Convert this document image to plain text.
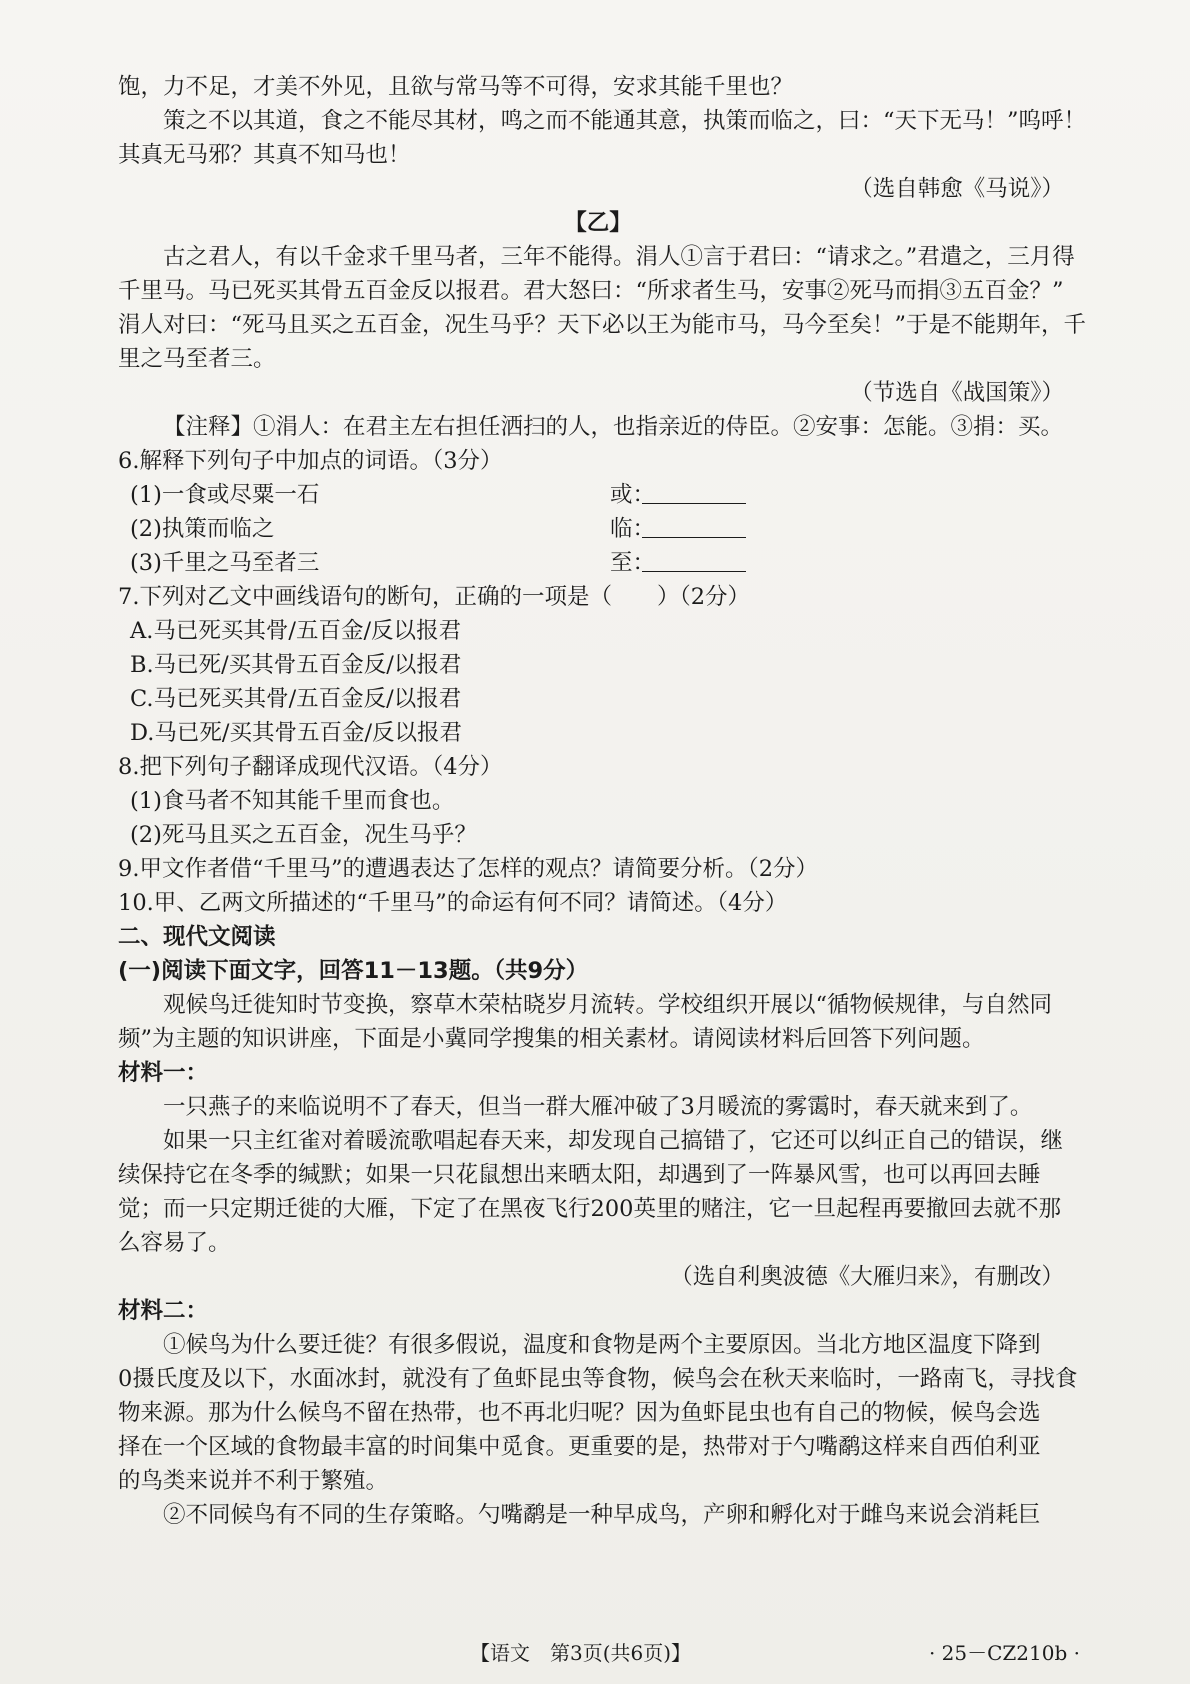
饱，力不足，才美不外见，且欲与常马等不可得，安求其能千里也？
策之不以其道，食之不能尽其材，鸣之而不能通其意，执策而临之，曰：“天下无马！”呜呼！
其真无马邪？其真不知马也！
（选自韩愈《马说》）
【乙】
古之君人，有以千金求千里马者，三年不能得。涓人①言于君曰：“请求之。”君遣之，三月得
千里马。马已死买其骨五百金反以报君。君大怒曰：“所求者生马，安事②死马而捐③五百金？”
涓人对曰：“死马且买之五百金，况生马乎？天下必以王为能市马，马今至矣！”于是不能期年，千
里之马至者三。
（节选自《战国策》）
【注释】①涓人：在君主左右担任洒扫的人，也指亲近的侍臣。②安事：怎能。③捐：买。
6.解释下列句子中加点的词语。（3分）
(1)一食或尽粟一石	或：
(2)执策而临之	临：
(3)千里之马至者三	至：
7.下列对乙文中画线语句的断句，正确的一项是（　　）（2分）
A.马已死买其骨/五百金/反以报君
B.马已死/买其骨五百金反/以报君
C.马已死买其骨/五百金反/以报君
D.马已死/买其骨五百金/反以报君
8.把下列句子翻译成现代汉语。（4分）
(1)食马者不知其能千里而食也。
(2)死马且买之五百金，况生马乎？
9.甲文作者借“千里马”的遭遇表达了怎样的观点？请简要分析。（2分）
10.甲、乙两文所描述的“千里马”的命运有何不同？请简述。（4分）
二、现代文阅读
(一)阅读下面文字，回答11－13题。（共9分）
观候鸟迁徙知时节变换，察草木荣枯晓岁月流转。学校组织开展以“循物候规律，与自然同
频”为主题的知识讲座，下面是小冀同学搜集的相关素材。请阅读材料后回答下列问题。
材料一：
一只燕子的来临说明不了春天，但当一群大雁冲破了3月暖流的雾霭时，春天就来到了。
如果一只主红雀对着暖流歌唱起春天来，却发现自己搞错了，它还可以纠正自己的错误，继
续保持它在冬季的缄默；如果一只花鼠想出来晒太阳，却遇到了一阵暴风雪，也可以再回去睡
觉；而一只定期迁徙的大雁，下定了在黑夜飞行200英里的赌注，它一旦起程再要撤回去就不那
么容易了。
（选自利奥波德《大雁归来》，有删改）
材料二：
①候鸟为什么要迁徙？有很多假说，温度和食物是两个主要原因。当北方地区温度下降到
0摄氏度及以下，水面冰封，就没有了鱼虾昆虫等食物，候鸟会在秋天来临时，一路南飞，寻找食
物来源。那为什么候鸟不留在热带，也不再北归呢？因为鱼虾昆虫也有自己的物候，候鸟会选
择在一个区域的食物最丰富的时间集中觅食。更重要的是，热带对于勺嘴鹬这样来自西伯利亚
的鸟类来说并不利于繁殖。
②不同候鸟有不同的生存策略。勺嘴鹬是一种早成鸟，产卵和孵化对于雌鸟来说会消耗巨
【语文　第3页(共6页)】	· 25－CZ210b ·
